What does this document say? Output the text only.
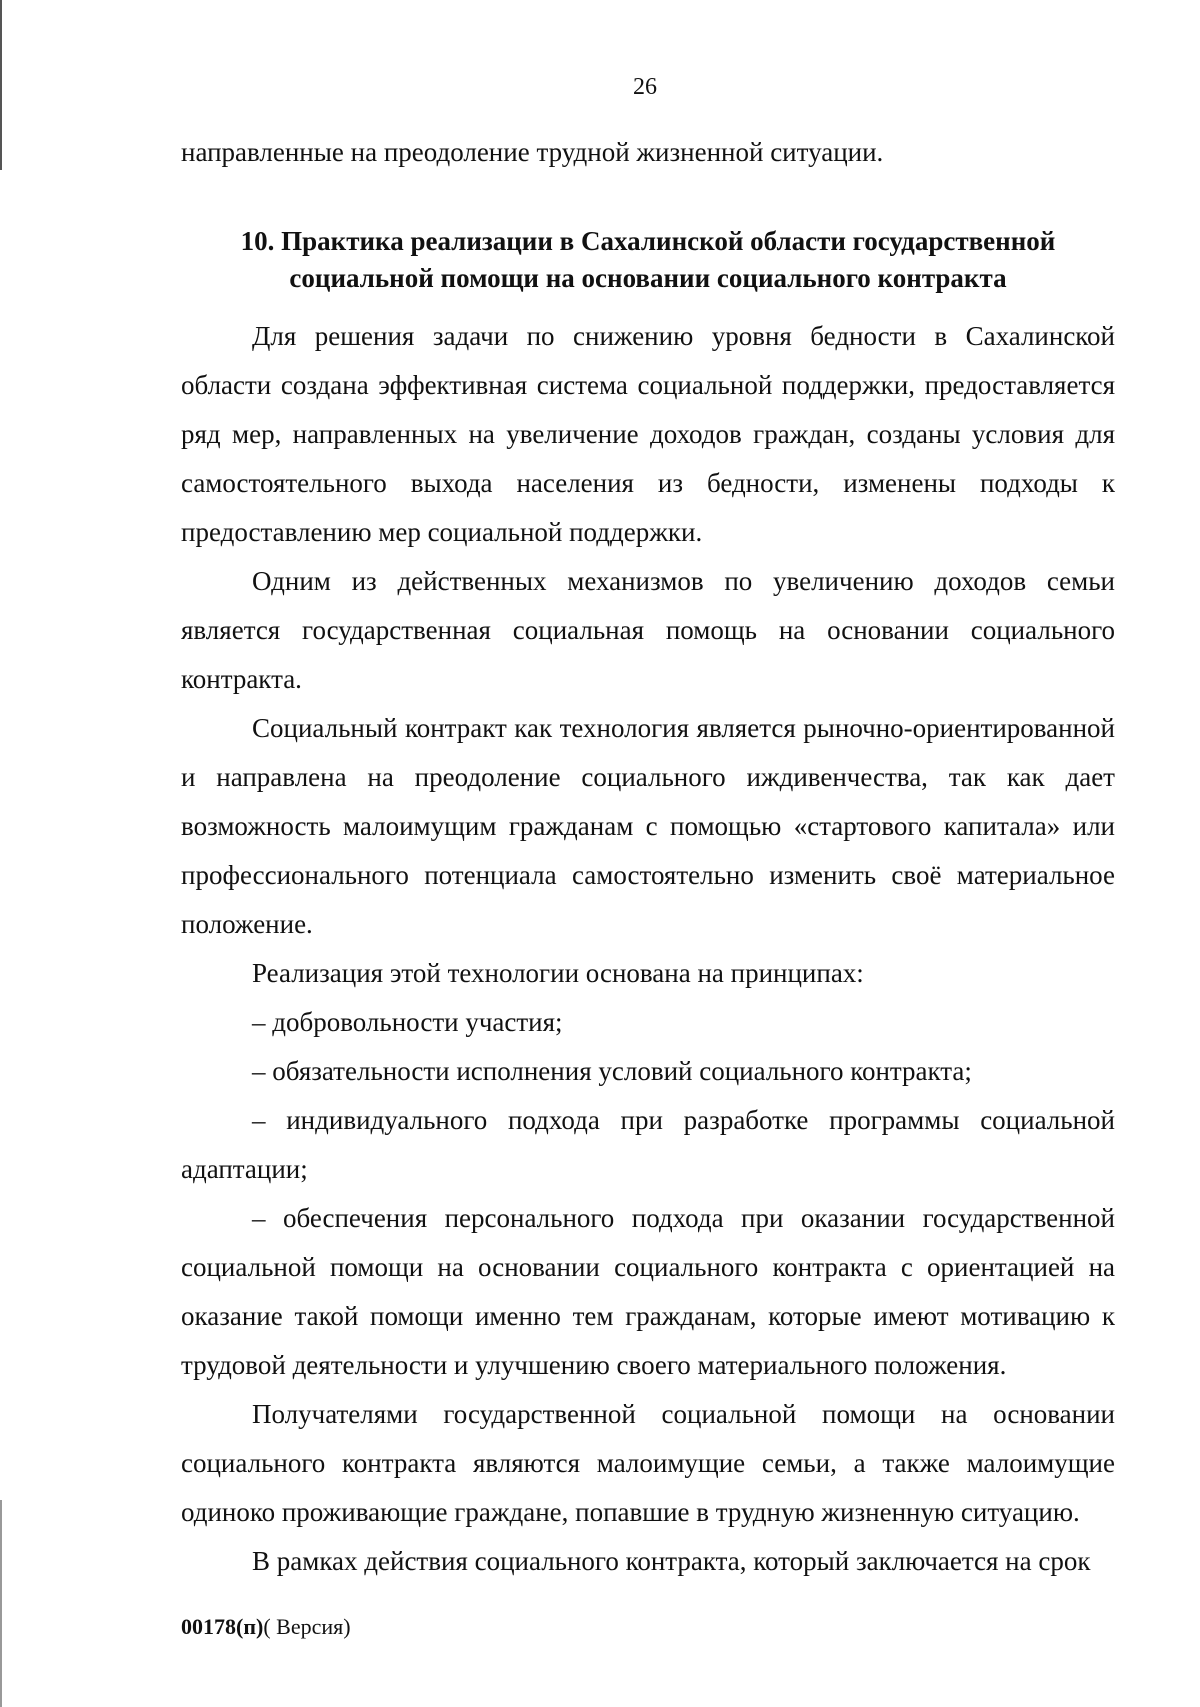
26

направленные на преодоление трудной жизненной ситуации.

10. Практика реализации в Сахалинской области государственной
социальной помощи на основании социального контракта

Для решения задачи по снижению уровня бедности в Сахалинской области создана эффективная система социальной поддержки, предоставляется ряд мер, направленных на увеличение доходов граждан, созданы условия для самостоятельного выхода населения из бедности, изменены подходы к предоставлению мер социальной поддержки.

Одним из действенных механизмов по увеличению доходов семьи является государственная социальная помощь на основании социального контракта.

Социальный контракт как технология является рыночно-ориентированной и направлена на преодоление социального иждивенчества, так как дает возможность малоимущим гражданам с помощью «стартового капитала» или профессионального потенциала самостоятельно изменить своё материальное положение.

Реализация этой технологии основана на принципах:

– добровольности участия;

– обязательности исполнения условий социального контракта;

– индивидуального подхода при разработке программы социальной адаптации;

– обеспечения персонального подхода при оказании государственной социальной помощи на основании социального контракта с ориентацией на оказание такой помощи именно тем гражданам, которые имеют мотивацию к трудовой деятельности и улучшению своего материального положения.

Получателями государственной социальной помощи на основании социального контракта являются малоимущие семьи, а также малоимущие одиноко проживающие граждане, попавшие в трудную жизненную ситуацию.

В рамках действия социального контракта, который заключается на срок

00178(п)( Версия)
